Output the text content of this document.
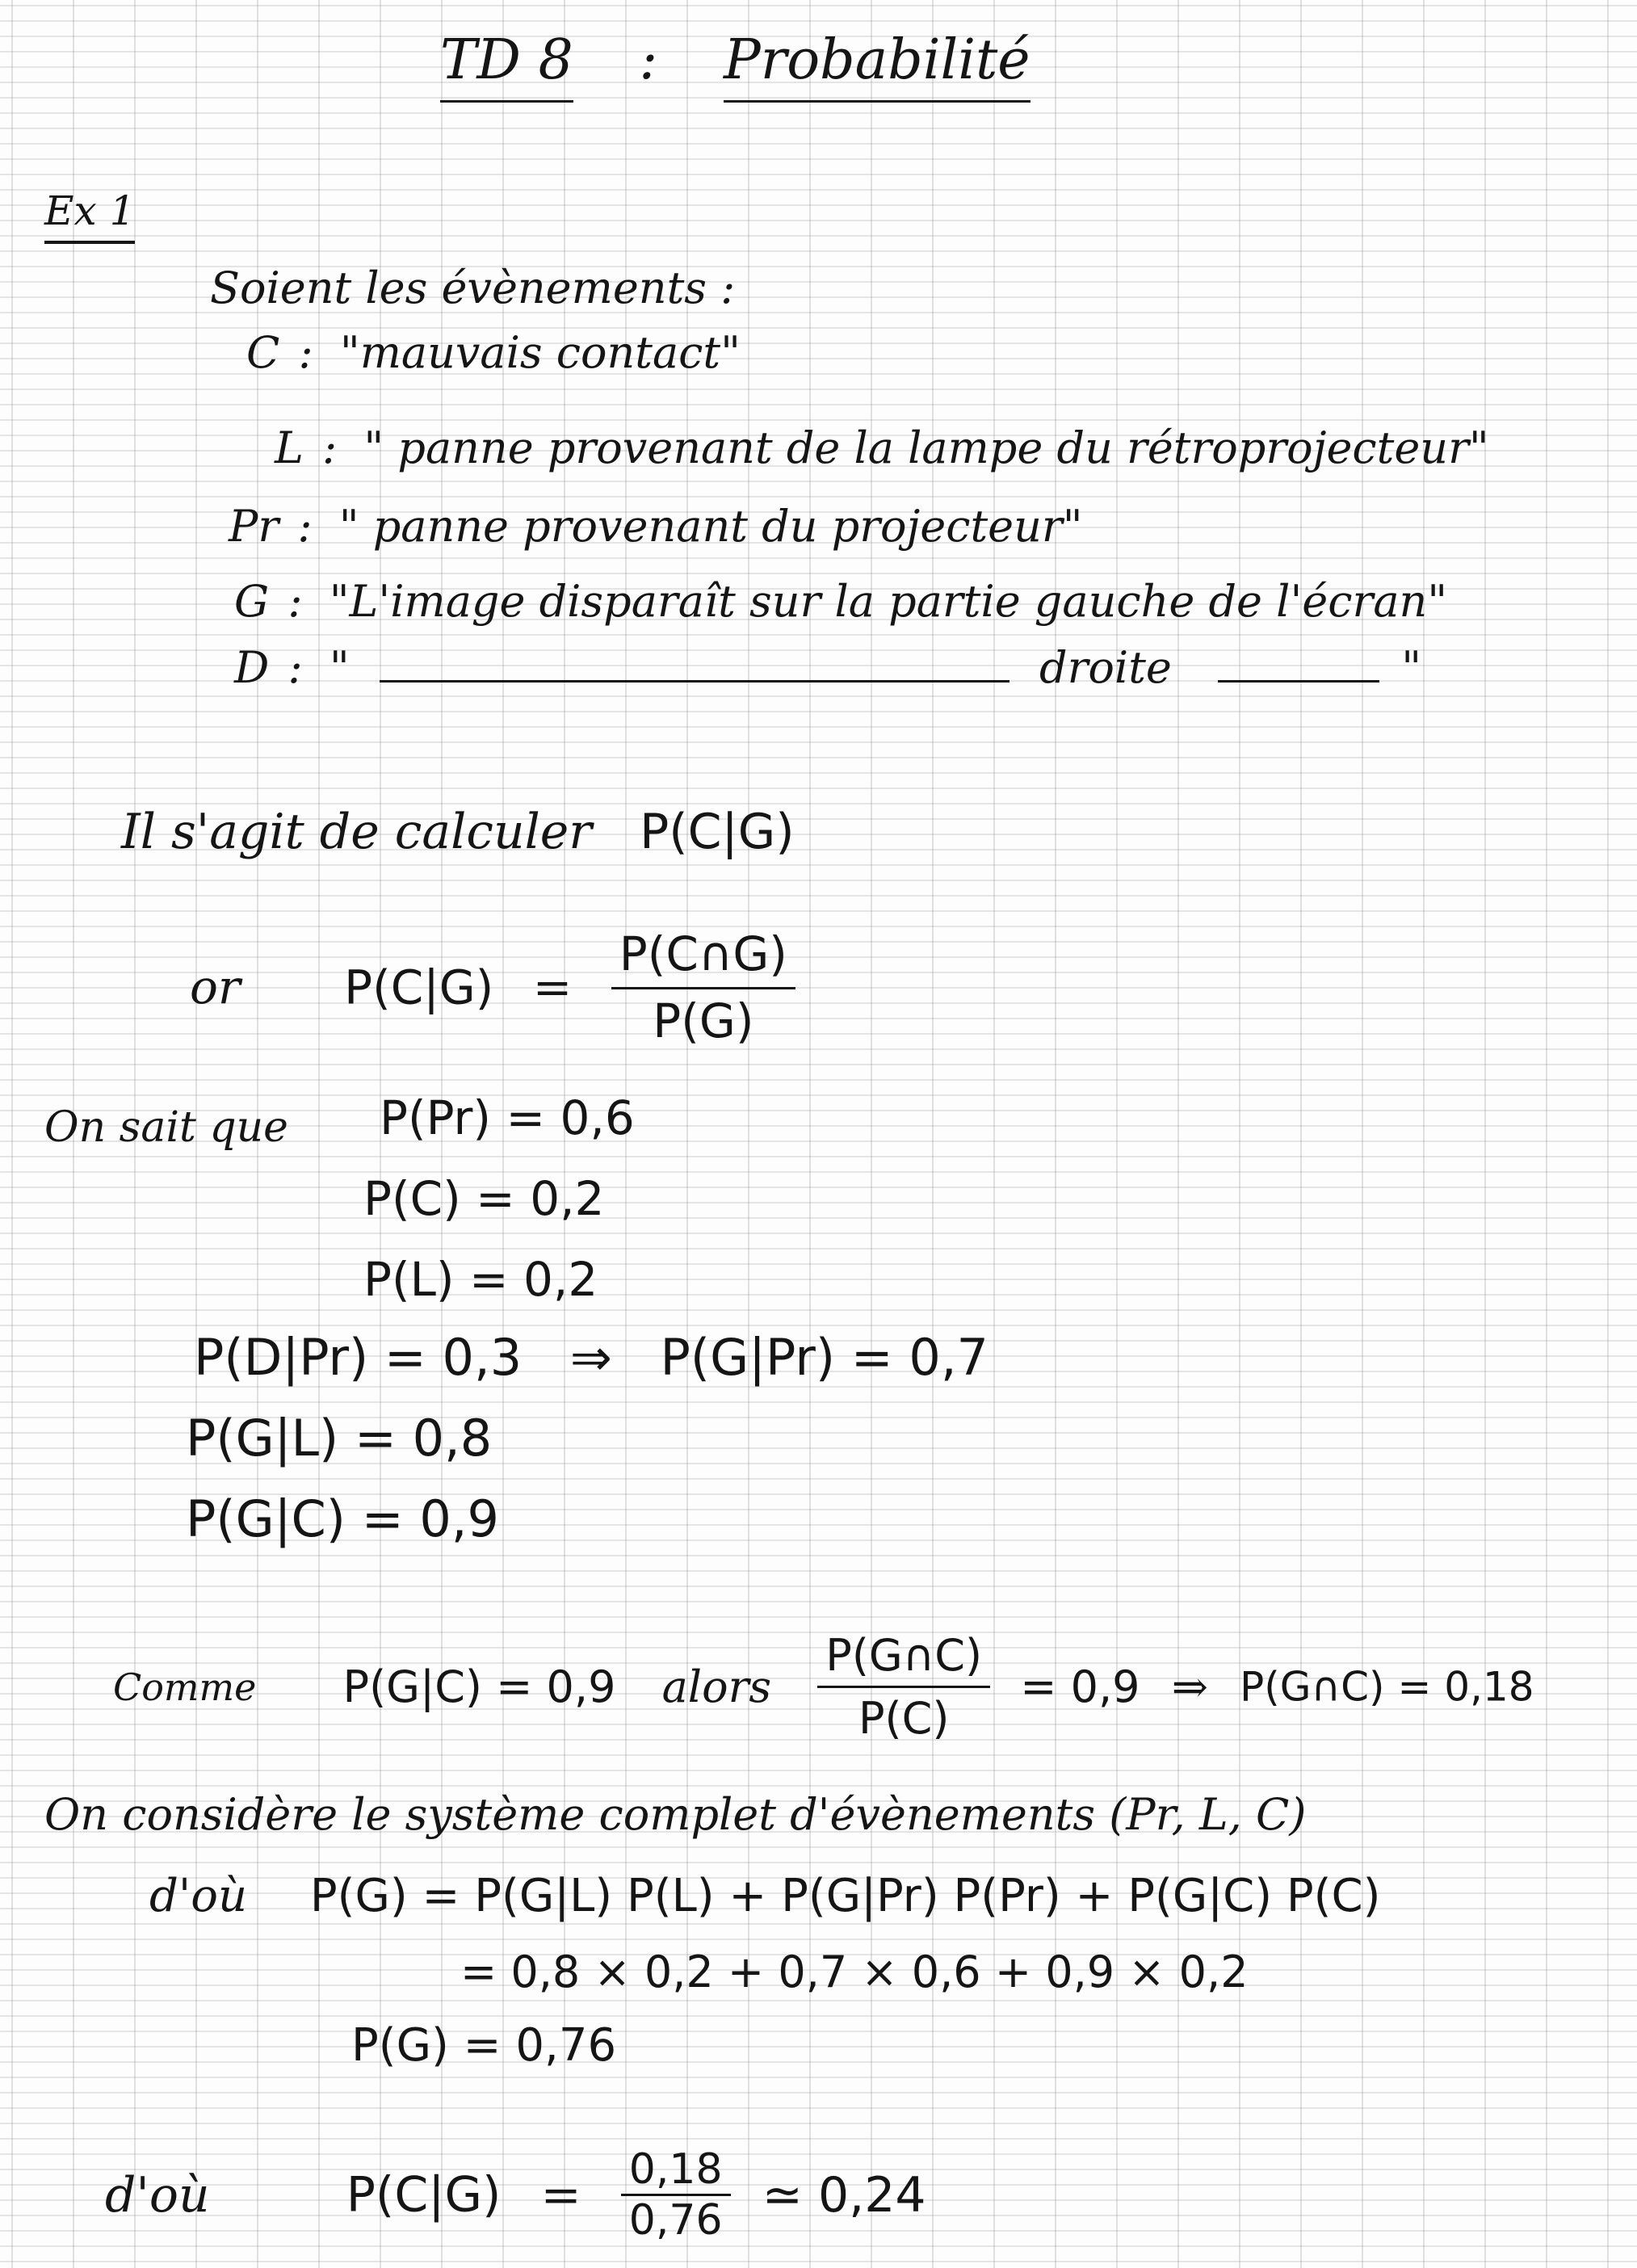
TD 8 : Probabilité
Ex 1
Soient les évènements :
C : "mauvais contact"
L : " panne provenant de la lampe du rétroprojecteur"
Pr : " panne provenant du projecteur"
G : "L'image disparaît sur la partie gauche de l'écran"
D : "	droite	"
Il s'agit de calculer P(C|G)
or $P(C|G) = \frac{P(C\cap G)}{P(G)}$
On sait que P(Pr) = 0,6
P(C) = 0,2
P(L) = 0,2
P(D|Pr) = 0,3 ⇒ P(G|Pr) = 0,7
P(G|L) = 0,8
P(G|C) = 0,9
Comme P(G|C) = 0,9 alors $\frac{P(G\cap C)}{P(C)} = 0,9$ ⇒ P(G∩C) = 0,18
On considère le système complet d'évènements (Pr, L, C)
d'où P(G) = P(G|L) P(L) + P(G|Pr) P(Pr) + P(G|C) P(C)
= 0,8 × 0,2 + 0,7 × 0,6 + 0,9 × 0,2
P(G) = 0,76
d'où	$P(C|G) = \frac{0,18}{0,76}$ ≃ 0,24
